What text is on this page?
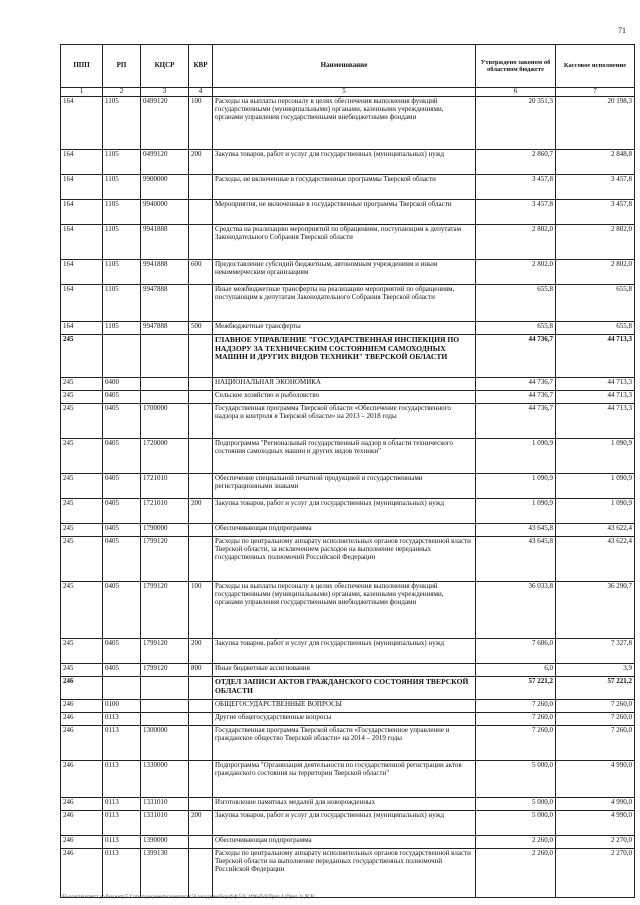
71
ППП	РП	КЦСР	КВР	Наименование	Утверждено законом об областном бюджете	Кассовое исполнение
1	2	3	4	5	6	7
164	1105	0499120	100	Расходы на выплаты персоналу в целях обеспечения выполнения функций государственными (муниципальными) органами, казенными учреждениями, органами управления государственными внебюджетными фондами	20 351,3	20 198,3
164	1105	0499120	200	Закупка товаров, работ и услуг для государственных (муниципальных) нужд	2 860,7	2 848,8
164	1105	9900000		Расходы, не включенные в государственные программы Тверской области	3 457,8	3 457,8
164	1105	9940000		Мероприятия, не включенные в государственные программы Тверской области	3 457,8	3 457,8
164	1105	9941888		Средства на реализацию мероприятий по обращениям, поступающим к депутатам Законодательного Собрания Тверской области	2 802,0	2 802,0
164	1105	9941888	600	Предоставление субсидий бюджетным, автономным учреждениям и иным некоммерческим организациям	2 802,0	2 802,0
164	1105	9947888		Иные межбюджетные трансферты на реализацию мероприятий по обращениям, поступающим к депутатам Законодательного Собрания Тверской области	655,8	655,8
164	1105	9947888	500	Межбюджетные трансферты	655,8	655,8
245				ГЛАВНОЕ УПРАВЛЕНИЕ "ГОСУДАРСТВЕННАЯ ИНСПЕКЦИЯ ПО НАДЗОРУ ЗА ТЕХНИЧЕСКИМ СОСТОЯНИЕМ САМОХОДНЫХ МАШИН И ДРУГИХ ВИДОВ ТЕХНИКИ" ТВЕРСКОЙ ОБЛАСТИ	44 736,7	44 713,3
245	0400			НАЦИОНАЛЬНАЯ ЭКОНОМИКА	44 736,7	44 713,3
245	0405			Сельское хозяйство и рыболовство	44 736,7	44 713,3
245	0405	1700000		Государственная программа Тверской области «Обеспечение государственного надзора и контроля в Тверской области» на 2013 – 2018 годы	44 736,7	44 713,3
245	0405	1720000		Подпрограмма "Региональный государственный надзор в области технического состояния самоходных машин и других видов техники"	1 090,9	1 090,9
245	0405	1721010		Обеспечение специальной печатной продукцией и государственными регистрационными знаками	1 090,9	1 090,9
245	0405	1721010	200	Закупка товаров, работ и услуг для государственных (муниципальных) нужд	1 090,9	1 090,9
245	0405	1790000		Обеспечивающая подпрограмма	43 645,8	43 622,4
245	0405	1799120		Расходы по центральному аппарату исполнительных органов государственной власти Тверской области, за исключением расходов на выполнение переданных государственных полномочий Российской Федерации	43 645,8	43 622,4
245	0405	1799120	100	Расходы на выплаты персоналу в целях обеспечения выполнения функций государственными (муниципальными) органами, казенными учреждениями, органами управления государственными внебюджетными фондами	36 033,8	36 290,7
245	0405	1799120	200	Закупка товаров, работ и услуг для государственных (муниципальных) нужд	7 606,0	7 327,8
245	0405	1799120	800	Иные бюджетные ассигнования	6,0	3,9
246				ОТДЕЛ ЗАПИСИ АКТОВ ГРАЖДАНСКОГО СОСТОЯНИЯ ТВЕРСКОЙ ОБЛАСТИ	57 221,2	57 221,2
246	0100			ОБЩЕГОСУДАРСТВЕННЫЕ ВОПРОСЫ	7 260,0	7 260,0
246	0113			Другие общегосударственные вопросы	7 260,0	7 260,0
246	0113	1300000		Государственная программа Тверской области «Государственное управление и гражданское общество Тверской области» на 2014 – 2019 годы	7 260,0	7 260,0
246	0113	1330000		Подпрограмма "Организация деятельности по государственной регистрации актов гражданского состояния на территории Тверской области"	5 000,0	4 990,0
246	0113	1331010		Изготовление памятных медалей для новорожденных	5 000,0	4 990,0
246	0113	1331010	200	Закупка товаров, работ и услуг для государственных (муниципальных) нужд	5 000,0	4 990,0
246	0113	1390000		Обеспечивающая подпрограмма	2 260,0	2 270,0
246	0113	1399130		Расходы по центральному аппарату исполнительных органов государственной власти Тверской области на выполнение переданных государственных полномочий Российской Федерации	2 260,0	2 270,0
\\Fs-ncentakomet\т до бюджету\5 Сотыл\документы\комитеты\56 заседание\Бор\ф\ф\5 6\ 2496-П-9 Прил 4 (Прил 3) ДСР
